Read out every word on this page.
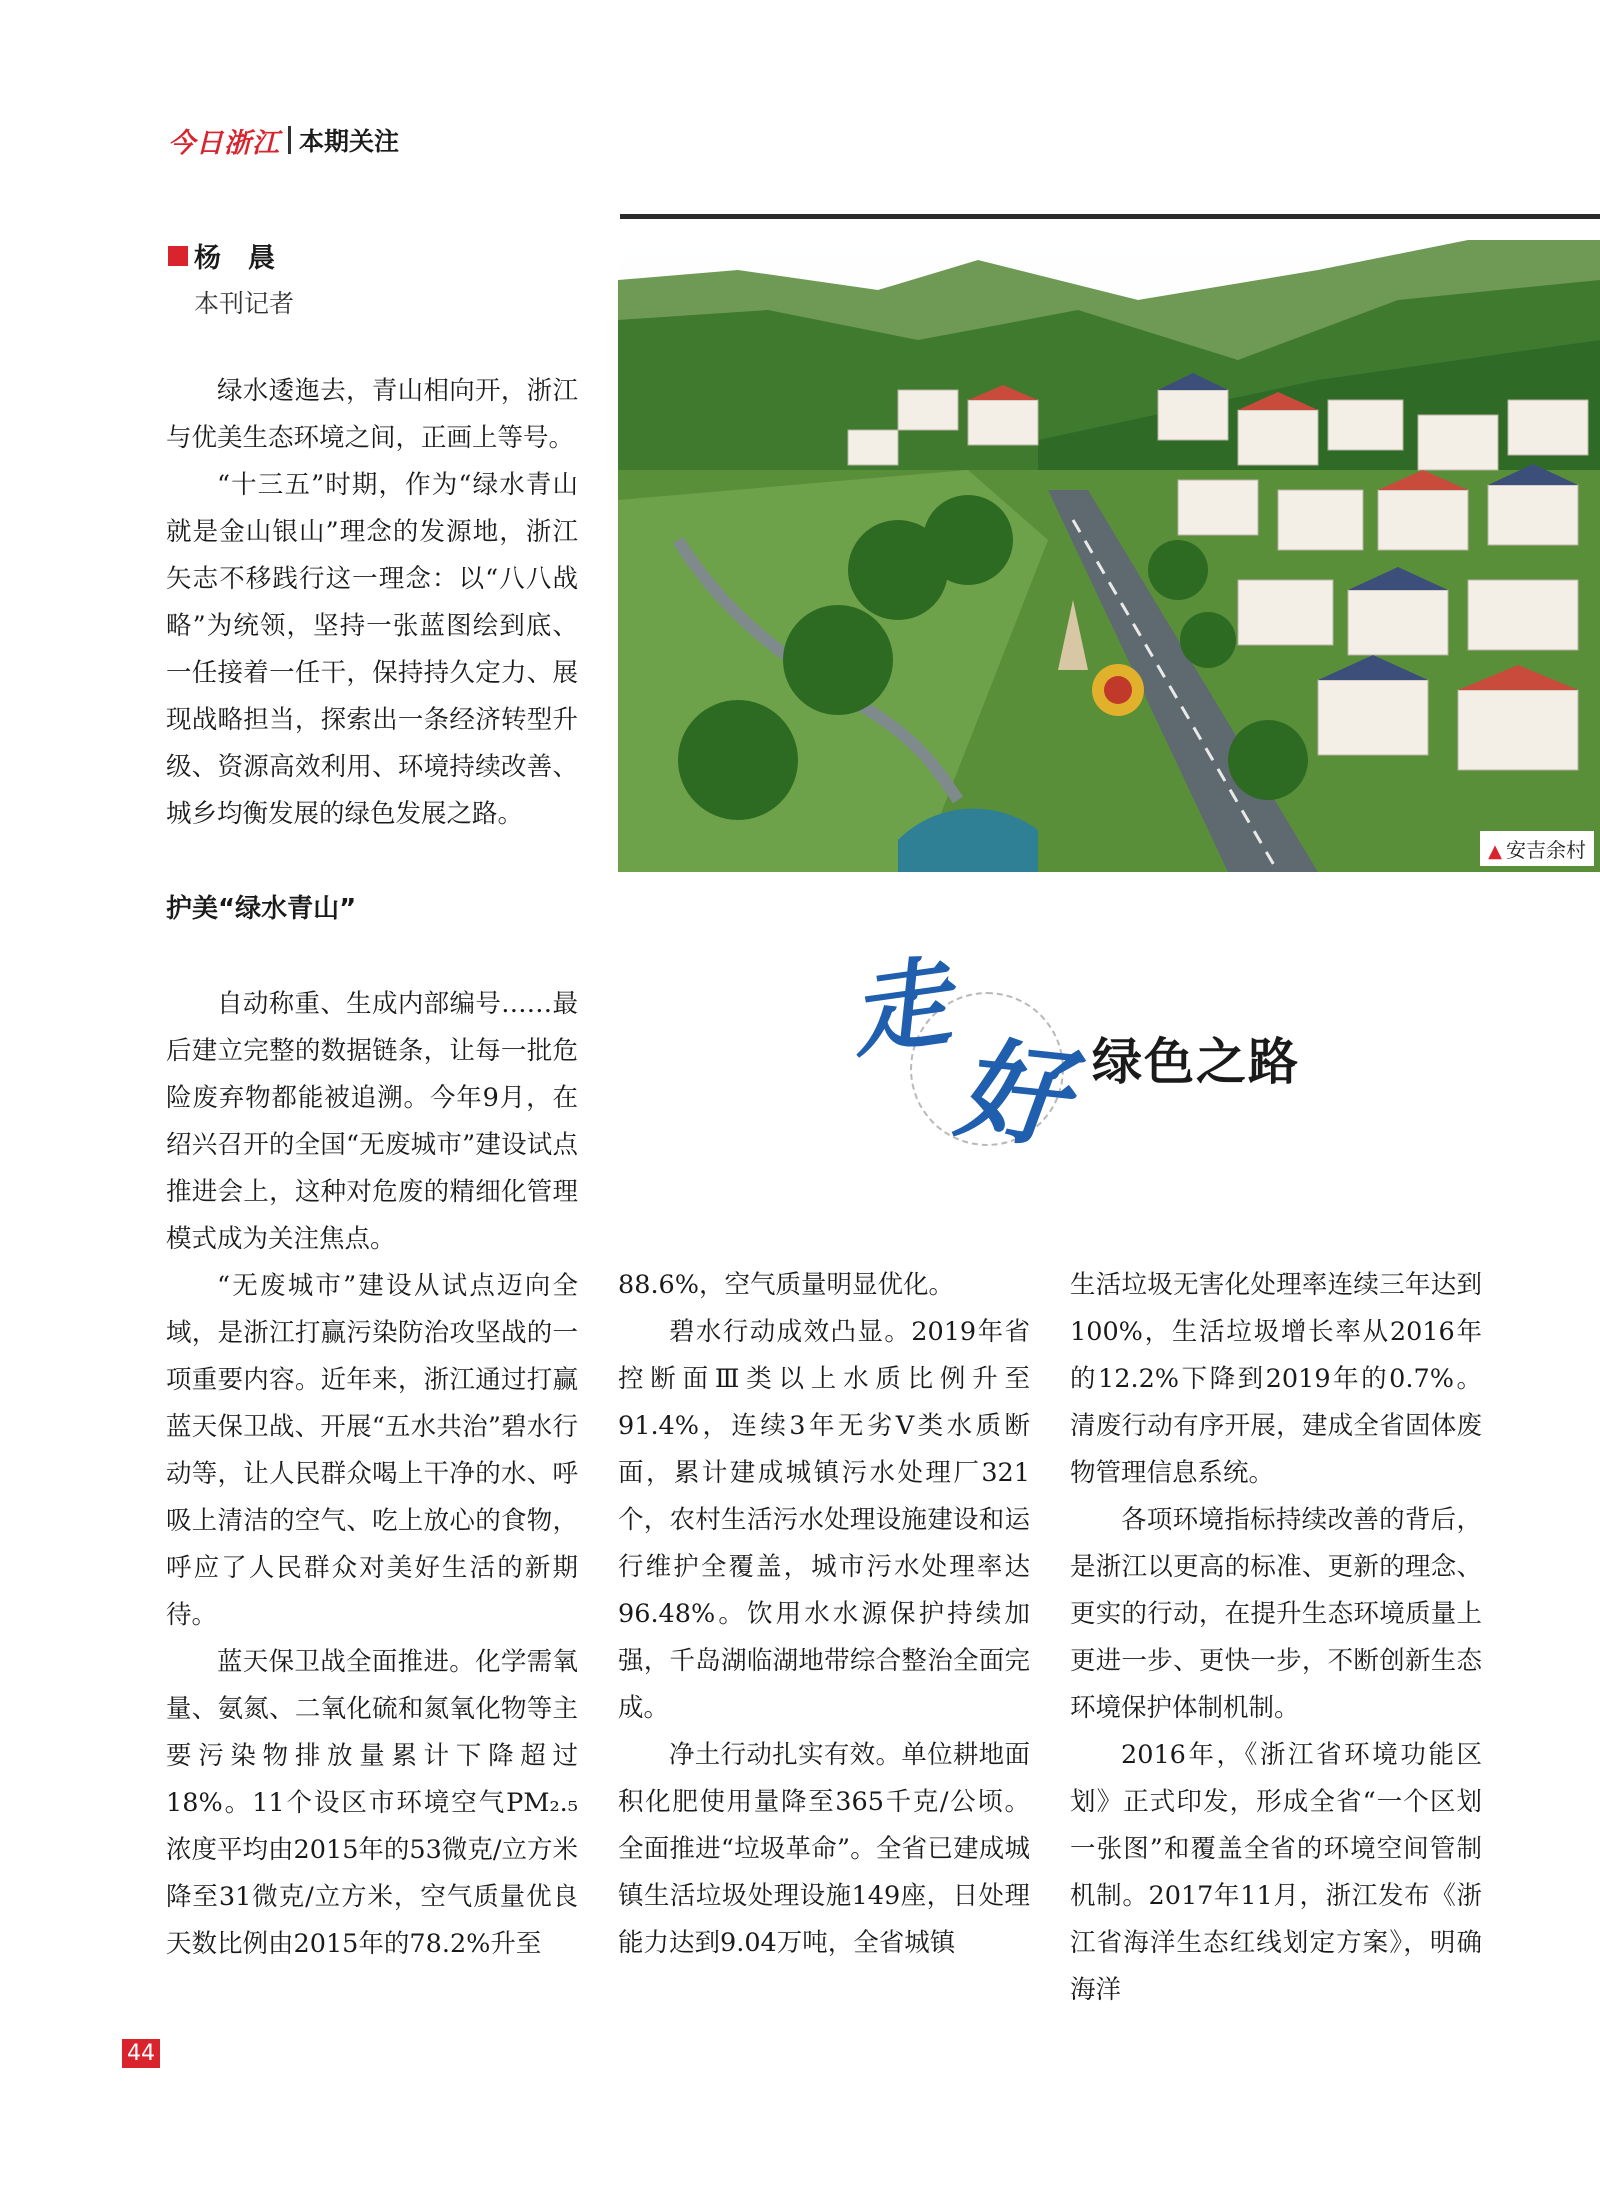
今日浙江 本期关注
杨　晨
本刊记者
▲ 安吉余村
走
好 绿色之路

绿水逶迤去，青山相向开，浙江与优美生态环境之间，正画上等号。

“十三五”时期，作为“绿水青山就是金山银山”理念的发源地，浙江矢志不移践行这一理念：以“八八战略”为统领，坚持一张蓝图绘到底、一任接着一任干，保持持久定力、展现战略担当，探索出一条经济转型升级、资源高效利用、环境持续改善、城乡均衡发展的绿色发展之路。

护美“绿水青山”

自动称重、生成内部编号……最后建立完整的数据链条，让每一批危险废弃物都能被追溯。今年9月，在绍兴召开的全国“无废城市”建设试点推进会上，这种对危废的精细化管理模式成为关注焦点。

“无废城市”建设从试点迈向全域，是浙江打赢污染防治攻坚战的一项重要内容。近年来，浙江通过打赢蓝天保卫战、开展“五水共治”碧水行动等，让人民群众喝上干净的水、呼吸上清洁的空气、吃上放心的食物，呼应了人民群众对美好生活的新期待。

蓝天保卫战全面推进。化学需氧量、氨氮、二氧化硫和氮氧化物等主要污染物排放量累计下降超过18%。11个设区市环境空气PM₂.₅浓度平均由2015年的53微克/立方米降至31微克/立方米，空气质量优良天数比例由2015年的78.2%升至

88.6%，空气质量明显优化。

碧水行动成效凸显。2019年省控断面Ⅲ类以上水质比例升至91.4%，连续3年无劣Ⅴ类水质断面，累计建成城镇污水处理厂321个，农村生活污水处理设施建设和运行维护全覆盖，城市污水处理率达96.48%。饮用水水源保护持续加强，千岛湖临湖地带综合整治全面完成。

净土行动扎实有效。单位耕地面积化肥使用量降至365千克/公顷。全面推进“垃圾革命”。全省已建成城镇生活垃圾处理设施149座，日处理能力达到9.04万吨，全省城镇

生活垃圾无害化处理率连续三年达到100%，生活垃圾增长率从2016年的12.2%下降到2019年的0.7%。清废行动有序开展，建成全省固体废物管理信息系统。

各项环境指标持续改善的背后，是浙江以更高的标准、更新的理念、更实的行动，在提升生态环境质量上更进一步、更快一步，不断创新生态环境保护体制机制。

2016年，《浙江省环境功能区划》正式印发，形成全省“一个区划一张图”和覆盖全省的环境空间管制机制。2017年11月，浙江发布《浙江省海洋生态红线划定方案》，明确海洋

44
